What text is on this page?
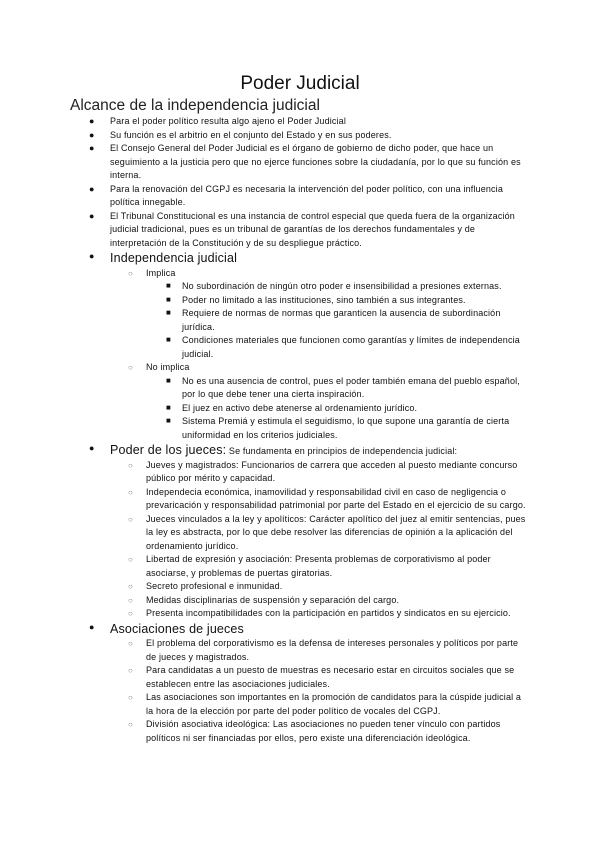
Poder Judicial
Alcance de la independencia judicial
● Para el poder político resulta algo ajeno el Poder Judicial
● Su función es el arbitrio en el conjunto del Estado y en sus poderes.
● El Consejo General del Poder Judicial es el órgano de gobierno de dicho poder, que hace un seguimiento a la justicia pero que no ejerce funciones sobre la ciudadanía, por lo que su función es interna.
● Para la renovación del CGPJ es necesaria la intervención del poder político, con una influencia política innegable.
● El Tribunal Constitucional es una instancia de control especial que queda fuera de la organización judicial tradicional, pues es un tribunal de garantías de los derechos fundamentales y de interpretación de la Constitución y de su despliegue práctico.
● Independencia judicial
○ Implica
■ No subordinación de ningún otro poder e insensibilidad a presiones externas.
■ Poder no limitado a las instituciones, sino también a sus integrantes.
■ Requiere de normas de normas que garanticen la ausencia de subordinación jurídica.
■ Condiciones materiales que funcionen como garantías y límites de independencia judicial.
○ No implica
■ No es una ausencia de control, pues el poder también emana del pueblo español, por lo que debe tener una cierta inspiración.
■ El juez en activo debe atenerse al ordenamiento jurídico.
■ Sistema Premiá y estimula el seguidismo, lo que supone una garantía de cierta uniformidad en los criterios judiciales.
● Poder de los jueces: Se fundamenta en principios de independencia judicial:
○ Jueves y magistrados: Funcionarios de carrera que acceden al puesto mediante concurso público por mérito y capacidad.
○ Independecia económica, inamovilidad y responsabilidad civil en caso de negligencia o prevaricación y responsabilidad patrimonial por parte del Estado en el ejercicio de su cargo.
○ Jueces vinculados a la ley y apolíticos: Carácter apolítico del juez al emitir sentencias, pues la ley es abstracta, por lo que debe resolver las diferencias de opinión a la aplicación del ordenamiento jurídico.
○ Libertad de expresión y asociación: Presenta problemas de corporativismo al poder asociarse, y problemas de puertas giratorias.
○ Secreto profesional e inmunidad.
○ Medidas disciplinarias de suspensión y separación del cargo.
○ Presenta incompatibilidades con la participación en partidos y sindicatos en su ejercicio.
● Asociaciones de jueces
○ El problema del corporativismo es la defensa de intereses personales y políticos por parte de jueces y magistrados.
○ Para candidatas a un puesto de muestras es necesario estar en circuitos sociales que se establecen entre las asociaciones judiciales.
○ Las asociaciones son importantes en la promoción de candidatos para la cúspide judicial a la hora de la elección por parte del poder político de vocales del CGPJ.
○ División asociativa ideológica: Las asociaciones no pueden tener vínculo con partidos políticos ni ser financiadas por ellos, pero existe una diferenciación ideológica.
